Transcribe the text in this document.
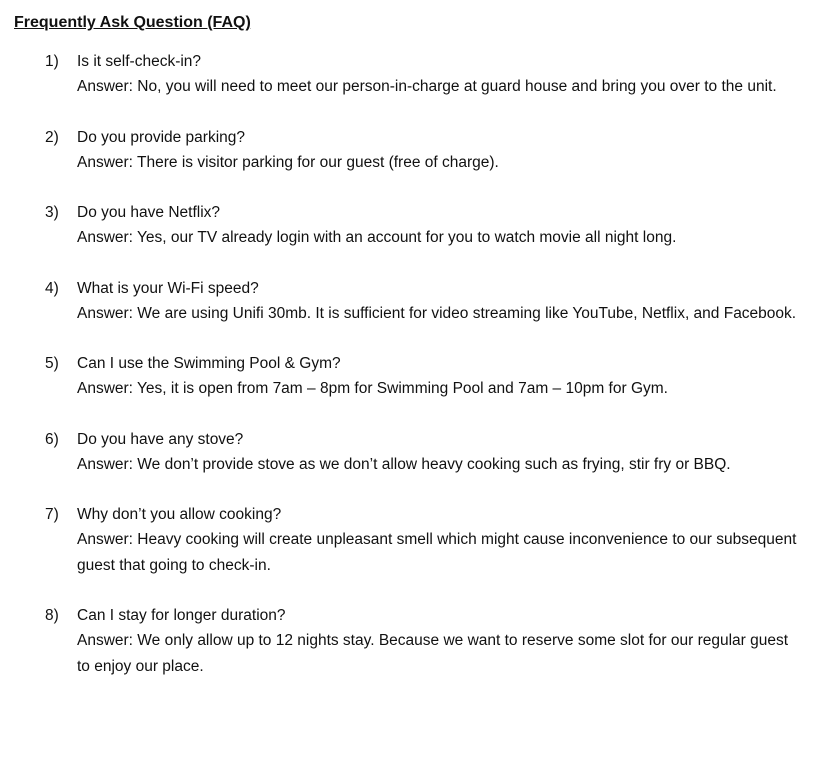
Frequently Ask Question (FAQ)
1) Is it self-check-in?
Answer: No, you will need to meet our person-in-charge at guard house and bring you over to the unit.
2) Do you provide parking?
Answer: There is visitor parking for our guest (free of charge).
3) Do you have Netflix?
Answer: Yes, our TV already login with an account for you to watch movie all night long.
4) What is your Wi-Fi speed?
Answer: We are using Unifi 30mb. It is sufficient for video streaming like YouTube, Netflix, and Facebook.
5) Can I use the Swimming Pool & Gym?
Answer: Yes, it is open from 7am – 8pm for Swimming Pool and 7am – 10pm for Gym.
6) Do you have any stove?
Answer: We don’t provide stove as we don’t allow heavy cooking such as frying, stir fry or BBQ.
7) Why don’t you allow cooking?
Answer: Heavy cooking will create unpleasant smell which might cause inconvenience to our subsequent guest that going to check-in.
8) Can I stay for longer duration?
Answer: We only allow up to 12 nights stay. Because we want to reserve some slot for our regular guest to enjoy our place.
